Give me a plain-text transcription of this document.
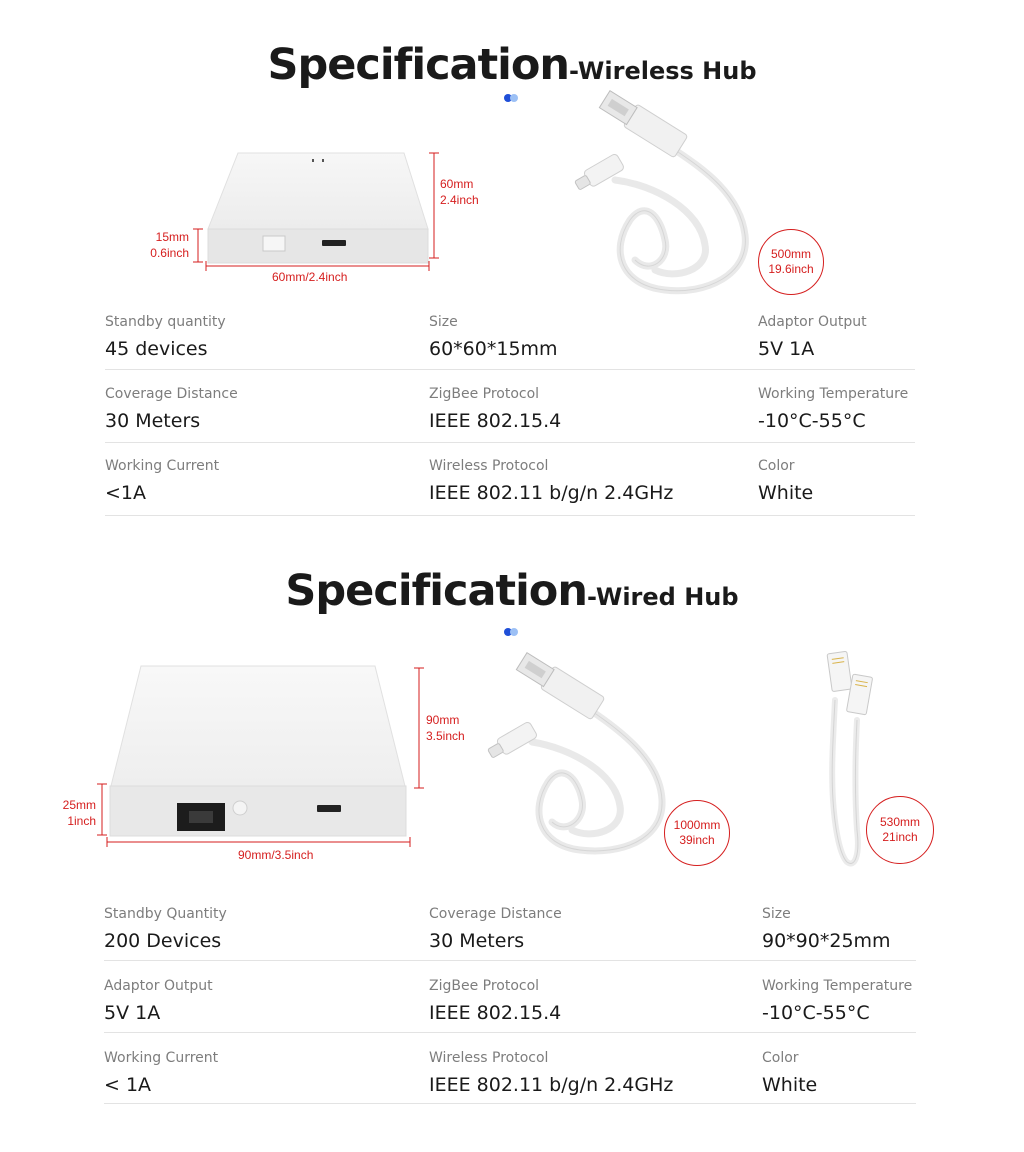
Specification-Wireless Hub
60mm
2.4inch
15mm
0.6inch
60mm/2.4inch
500mm
19.6inch
Standby quantity
45 devices
Size
60*60*15mm
Adaptor Output
5V 1A
Coverage Distance
30 Meters
ZigBee Protocol
IEEE 802.15.4
Working Temperature
-10°C-55°C
Working Current
<1A
Wireless Protocol
IEEE 802.11 b/g/n 2.4GHz
Color
White
Specification-Wired Hub
90mm
3.5inch
25mm
1inch
90mm/3.5inch
1000mm
39inch
530mm
21inch
Standby Quantity
200 Devices
Coverage Distance
30 Meters
Size
90*90*25mm
Adaptor Output
5V 1A
ZigBee Protocol
IEEE 802.15.4
Working Temperature
-10°C-55°C
Working Current
< 1A
Wireless Protocol
IEEE 802.11 b/g/n 2.4GHz
Color
White
